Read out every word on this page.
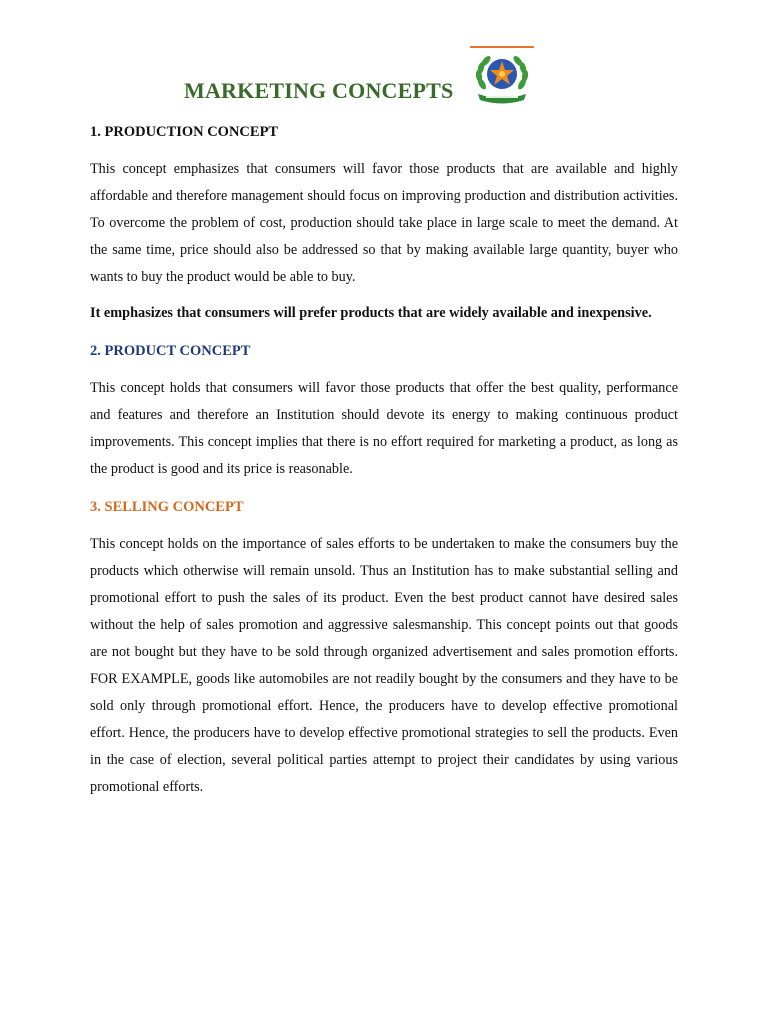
MARKETING CONCEPTS
1. PRODUCTION CONCEPT

This concept emphasizes that consumers will favor those products that are available and highly affordable and therefore management should focus on improving production and distribution activities. To overcome the problem of cost, production should take place in large scale to meet the demand. At the same time, price should also be addressed so that by making available large quantity, buyer who wants to buy the product would be able to buy.

It emphasizes that consumers will prefer products that are widely available and inexpensive.

2. PRODUCT CONCEPT

This concept holds that consumers will favor those products that offer the best quality, performance and features and therefore an Institution should devote its energy to making continuous product improvements. This concept implies that there is no effort required for marketing a product, as long as the product is good and its price is reasonable.

3. SELLING CONCEPT

This concept holds on the importance of sales efforts to be undertaken to make the consumers buy the products which otherwise will remain unsold. Thus an Institution has to make substantial selling and promotional effort to push the sales of its product. Even the best product cannot have desired sales without the help of sales promotion and aggressive salesmanship. This concept points out that goods are not bought but they have to be sold through organized advertisement and sales promotion efforts. FOR EXAMPLE, goods like automobiles are not readily bought by the consumers and they have to be sold only through promotional effort. Hence, the producers have to develop effective promotional effort. Hence, the producers have to develop effective promotional strategies to sell the products. Even in the case of election, several political parties attempt to project their candidates by using various promotional efforts.
